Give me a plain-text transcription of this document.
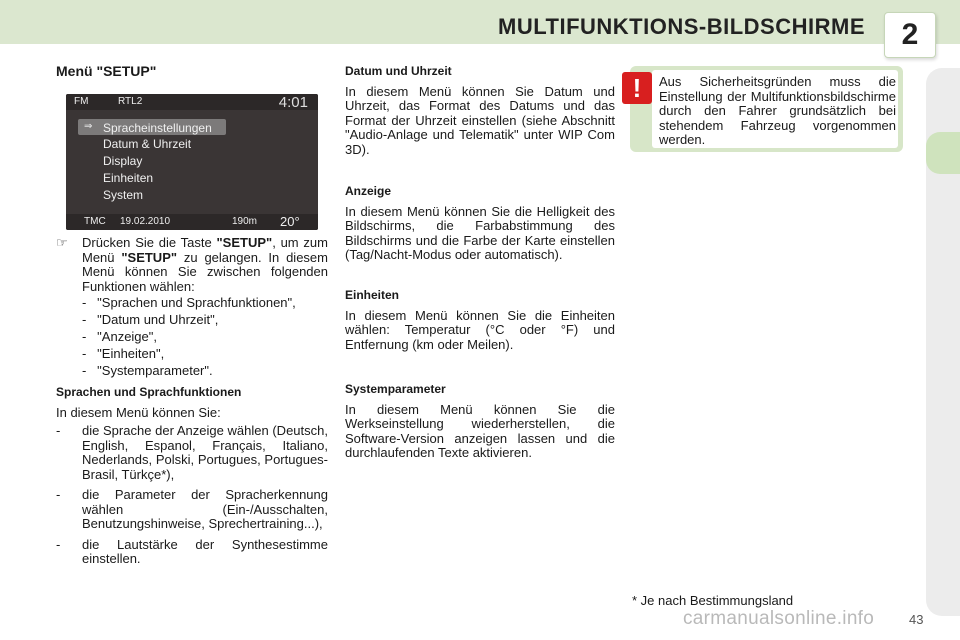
MULTIFUNKTIONS-BILDSCHIRME	2
Menü "SETUP"
FM	RTL2	4:01
⇒ Spracheinstellungen
Datum & Uhrzeit
Display
Einheiten
System
TMC 19.02.2010	190m 20°
☞ Drücken Sie die Taste "SETUP", um zum Menü "SETUP" zu gelangen. In diesem Menü können Sie zwischen folgenden Funktionen wählen:

-   "Sprachen und Sprachfunktionen",
-   "Datum und Uhrzeit",
-   "Anzeige",
-   "Einheiten",
-   "Systemparameter".
Sprachen und Sprachfunktionen

In diesem Menü können Sie:

- die Sprache der Anzeige wählen (Deutsch, English, Espanol, Français, Italiano, Nederlands, Polski, Portugues, Portugues-Brasil, Türkçe*),
- die Parameter der Spracherkennung wählen (Ein-/Ausschalten, Benutzungshinweise, Sprechertraining...),
- die Lautstärke der Synthesestimme einstellen.
Datum und Uhrzeit

In diesem Menü können Sie Datum und Uhrzeit, das Format des Datums und das Format der Uhrzeit einstellen (siehe Abschnitt "Audio-Anlage und Telematik" unter WIP Com 3D).

Anzeige

In diesem Menü können Sie die Helligkeit des Bildschirms, die Farbabstimmung des Bildschirms und die Farbe der Karte einstellen (Tag/Nacht-Modus oder automatisch).

Einheiten

In diesem Menü können Sie die Einheiten wählen: Temperatur (°C oder °F) und Entfernung (km oder Meilen).

Systemparameter

In diesem Menü können Sie die Werkseinstellung wiederherstellen, die Software-Version anzeigen lassen und die durchlaufenden Texte aktivieren.

!	Aus Sicherheitsgründen muss die Einstellung der Multifunktionsbildschirme durch den Fahrer grundsätzlich bei stehendem Fahrzeug vorgenommen werden.
* Je nach Bestimmungsland
carmanualsonline.info	43
